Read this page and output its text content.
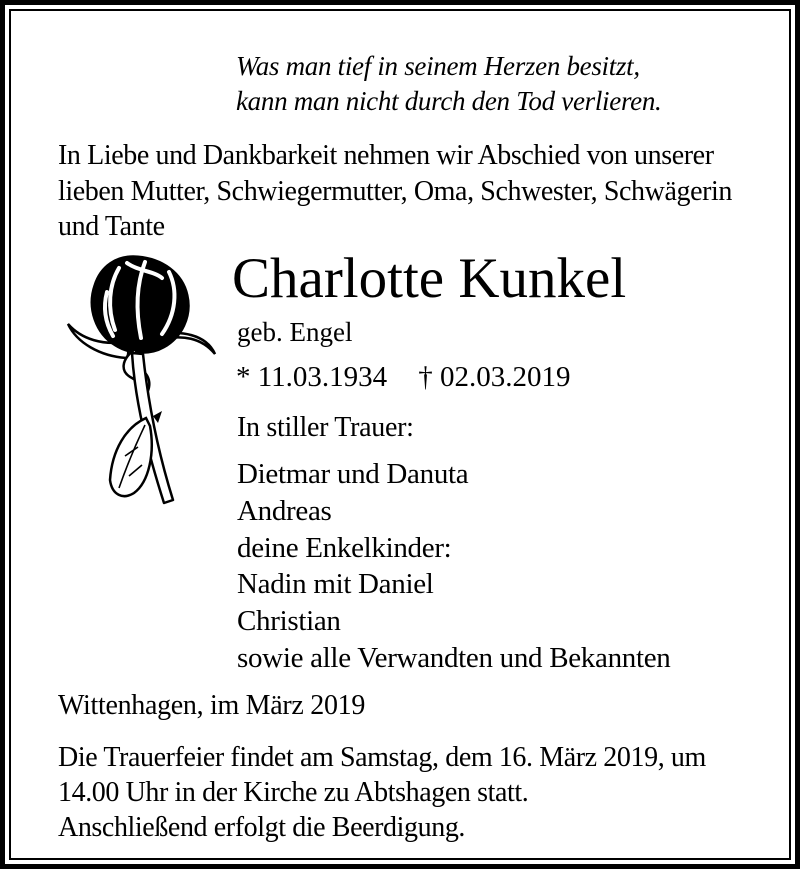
Was man tief in seinem Herzen besitzt,
kann man nicht durch den Tod verlieren.
In Liebe und Dankbarkeit nehmen wir Abschied von unserer
lieben Mutter, Schwiegermutter, Oma, Schwester, Schwägerin
und Tante
Charlotte Kunkel
geb. Engel
* 11.03.1934 † 02.03.2019
In stiller Trauer:
Dietmar und Danuta
Andreas
deine Enkelkinder:
Nadin mit Daniel
Christian
sowie alle Verwandten und Bekannten
Wittenhagen, im März 2019
Die Trauerfeier findet am Samstag, dem 16. März 2019, um
14.00 Uhr in der Kirche zu Abtshagen statt.
Anschließend erfolgt die Beerdigung.
